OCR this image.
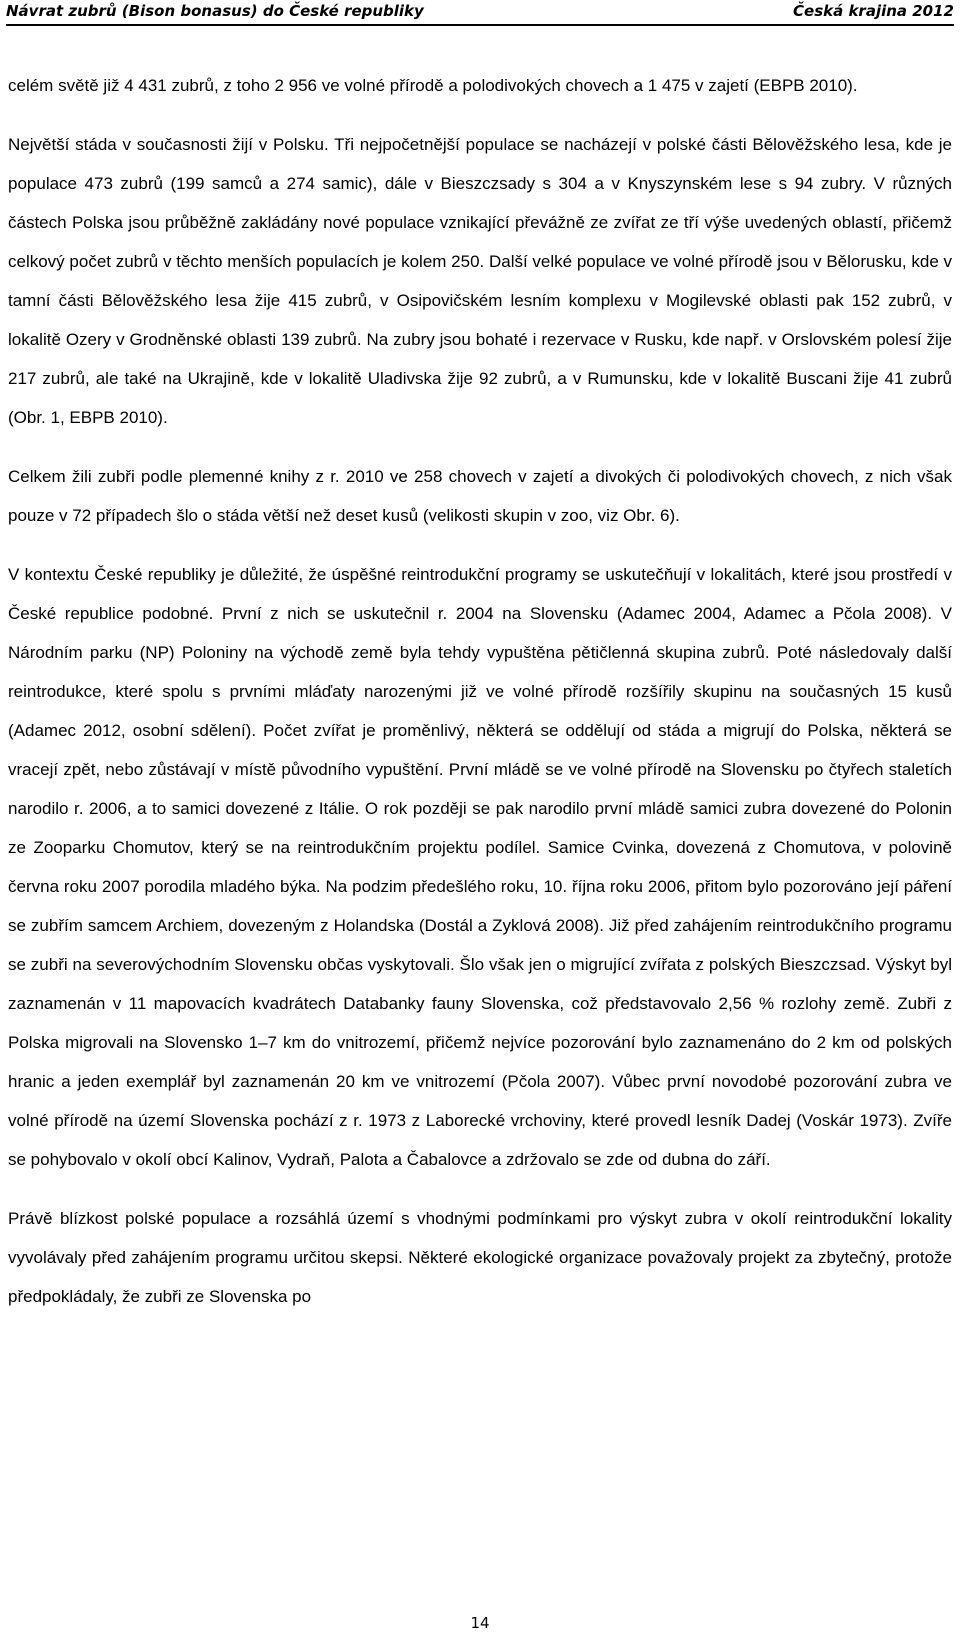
Návrat zubrů (Bison bonasus) do České republiky	Česká krajina 2012

celém světě již 4 431 zubrů, z toho 2 956 ve volné přírodě a polodivokých chovech a 1 475 v zajetí (EBPB 2010).

Největší stáda v současnosti žijí v Polsku. Tři nejpočetnější populace se nacházejí v polské části Bělověžského lesa, kde je populace 473 zubrů (199 samců a 274 samic), dále v Bieszczsady s 304 a v Knyszynském lese s 94 zubry. V různých částech Polska jsou průběžně zakládány nové populace vznikající převážně ze zvířat ze tří výše uvedených oblastí, přičemž celkový počet zubrů v těchto menších populacích je kolem 250. Další velké populace ve volné přírodě jsou v Bělorusku, kde v tamní části Bělověžského lesa žije 415 zubrů, v Osipovičském lesním komplexu v Mogilevské oblasti pak 152 zubrů, v lokalitě Ozery v Grodněnské oblasti 139 zubrů. Na zubry jsou bohaté i rezervace v Rusku, kde např. v Orslovském polesí žije 217 zubrů, ale také na Ukrajině, kde v lokalitě Uladivska žije 92 zubrů, a v Rumunsku, kde v lokalitě Buscani žije 41 zubrů (Obr. 1, EBPB 2010).

Celkem žili zubři podle plemenné knihy z r. 2010 ve 258 chovech v zajetí a divokých či polodivokých chovech, z nich však pouze v 72 případech šlo o stáda větší než deset kusů (velikosti skupin v zoo, viz Obr. 6).

V kontextu České republiky je důležité, že úspěšné reintrodukční programy se uskutečňují v lokalitách, které jsou prostředí v České republice podobné. První z nich se uskutečnil r. 2004 na Slovensku (Adamec 2004, Adamec a Pčola 2008). V Národním parku (NP) Poloniny na východě země byla tehdy vypuštěna pětičlenná skupina zubrů. Poté následovaly další reintrodukce, které spolu s prvními mláďaty narozenými již ve volné přírodě rozšířily skupinu na současných 15 kusů (Adamec 2012, osobní sdělení). Počet zvířat je proměnlivý, některá se oddělují od stáda a migrují do Polska, některá se vracejí zpět, nebo zůstávají v místě původního vypuštění. První mládě se ve volné přírodě na Slovensku po čtyřech staletích narodilo r. 2006, a to samici dovezené z Itálie. O rok později se pak narodilo první mládě samici zubra dovezené do Polonin ze Zooparku Chomutov, který se na reintrodukčním projektu podílel. Samice Cvinka, dovezená z Chomutova, v polovině června roku 2007 porodila mladého býka. Na podzim předešlého roku, 10. října roku 2006, přitom bylo pozorováno její páření se zubřím samcem Archiem, dovezeným z Holandska (Dostál a Zyklová 2008). Již před zahájením reintrodukčního programu se zubři na severovýchodním Slovensku občas vyskytovali. Šlo však jen o migrující zvířata z polských Bieszczsad. Výskyt byl zaznamenán v 11 mapovacích kvadrátech Databanky fauny Slovenska, což představovalo 2,56 % rozlohy země. Zubři z Polska migrovali na Slovensko 1–7 km do vnitrozemí, přičemž nejvíce pozorování bylo zaznamenáno do 2 km od polských hranic a jeden exemplář byl zaznamenán 20 km ve vnitrozemí (Pčola 2007). Vůbec první novodobé pozorování zubra ve volné přírodě na území Slovenska pochází z r. 1973 z Laborecké vrchoviny, které provedl lesník Dadej (Voskár 1973). Zvíře se pohybovalo v okolí obcí Kalinov, Vydraň, Palota a Čabalovce a zdržovalo se zde od dubna do září.

Právě blízkost polské populace a rozsáhlá území s vhodnými podmínkami pro výskyt zubra v okolí reintrodukční lokality vyvolávaly před zahájením programu určitou skepsi. Některé ekologické organizace považovaly projekt za zbytečný, protože předpokládaly, že zubři ze Slovenska po

14
